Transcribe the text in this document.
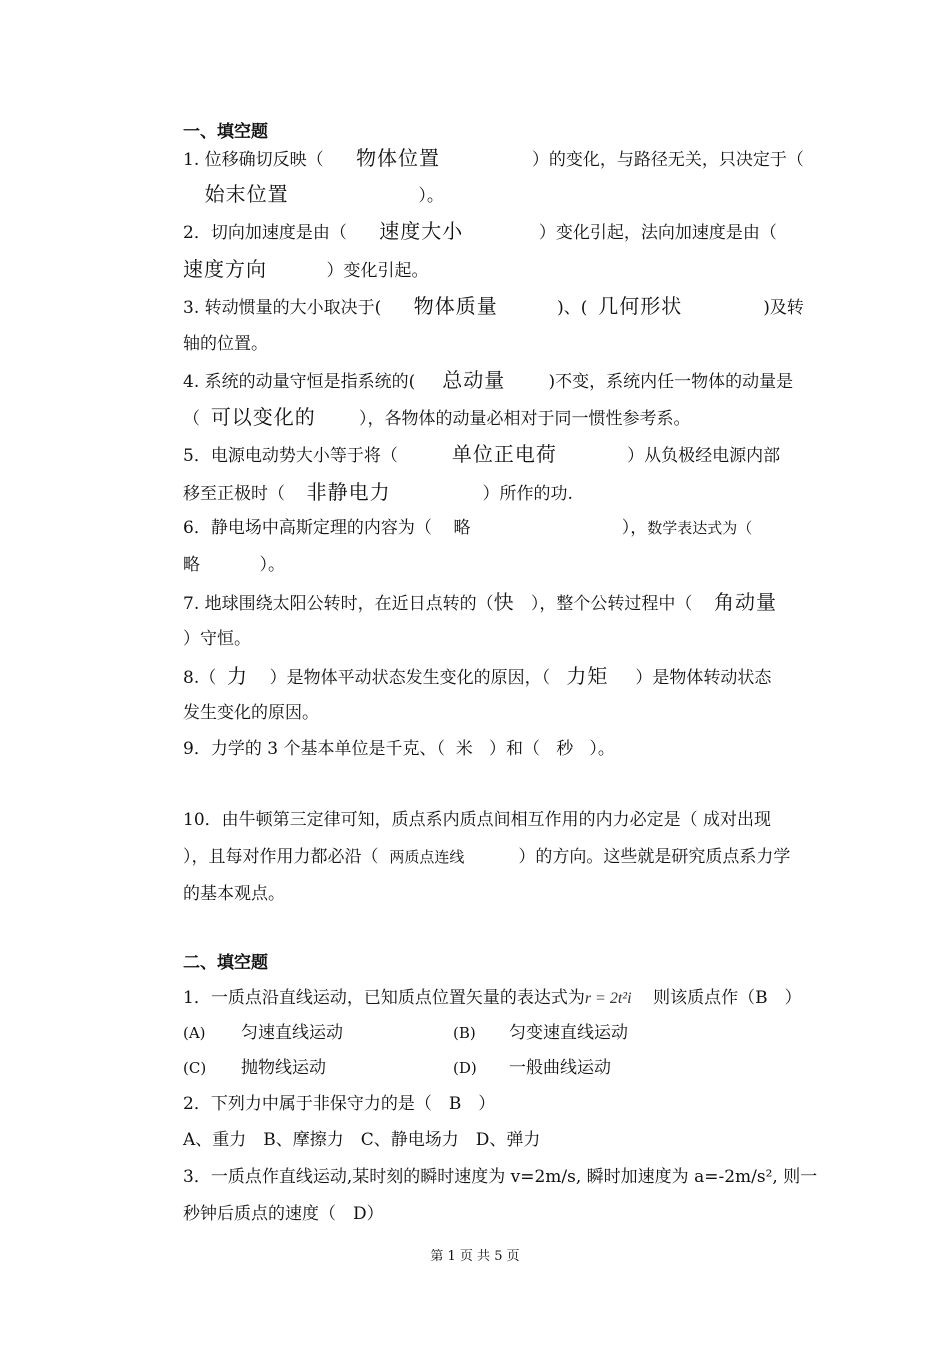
一、填空题

1. 位移确切反映（ 物体位置	）的变化，与路径无关，只决定于（

始末位置	）。

2．切向加速度是由（ 速度大小	）变化引起，法向加速度是由（

速度方向	）变化引起。

3. 转动惯量的大小取决于( 物体质量	)、( 几何形状	)及转

轴的位置。

4. 系统的动量守恒是指系统的( 总动量	)不变，系统内任一物体的动量是

（ 可以变化的	），各物体的动量必相对于同一惯性参考系。

5．电源电动势大小等于将（	单位正电荷	）从负极经电源内部

移至正极时（ 非静电力	）所作的功.

6．静电场中高斯定理的内容为（ 略	），数学表达式为（

略	）。

7. 地球围绕太阳公转时，在近日点转的（快 ），整个公转过程中（ 角动量

）守恒。

8.（ 力 ）是物体平动状态发生变化的原因，（ 力矩 ）是物体转动状态

发生变化的原因。

9．力学的 3 个基本单位是千克、（ 米 ）和（ 秒 ）。

10．由牛顿第三定律可知，质点系内质点间相互作用的内力必定是（ 成对出现

），且每对作用力都必沿（ 两质点连线	）的方向。这些就是研究质点系力学

的基本观点。

二、填空题

1．一质点沿直线运动，已知质点位置矢量的表达式为r = 2t²i 则该质点作（B　）

(A) 匀速直线运动	(B) 匀变速直线运动
(C) 抛物线运动	(D) 一般曲线运动

2．下列力中属于非保守力的是（　B　）

A、重力　B、摩擦力　C、静电场力　D、弹力

3．一质点作直线运动,某时刻的瞬时速度为 v=2m/s, 瞬时加速度为 a=-2m/s², 则一

秒钟后质点的速度（　D）

第 1 页 共 5 页
